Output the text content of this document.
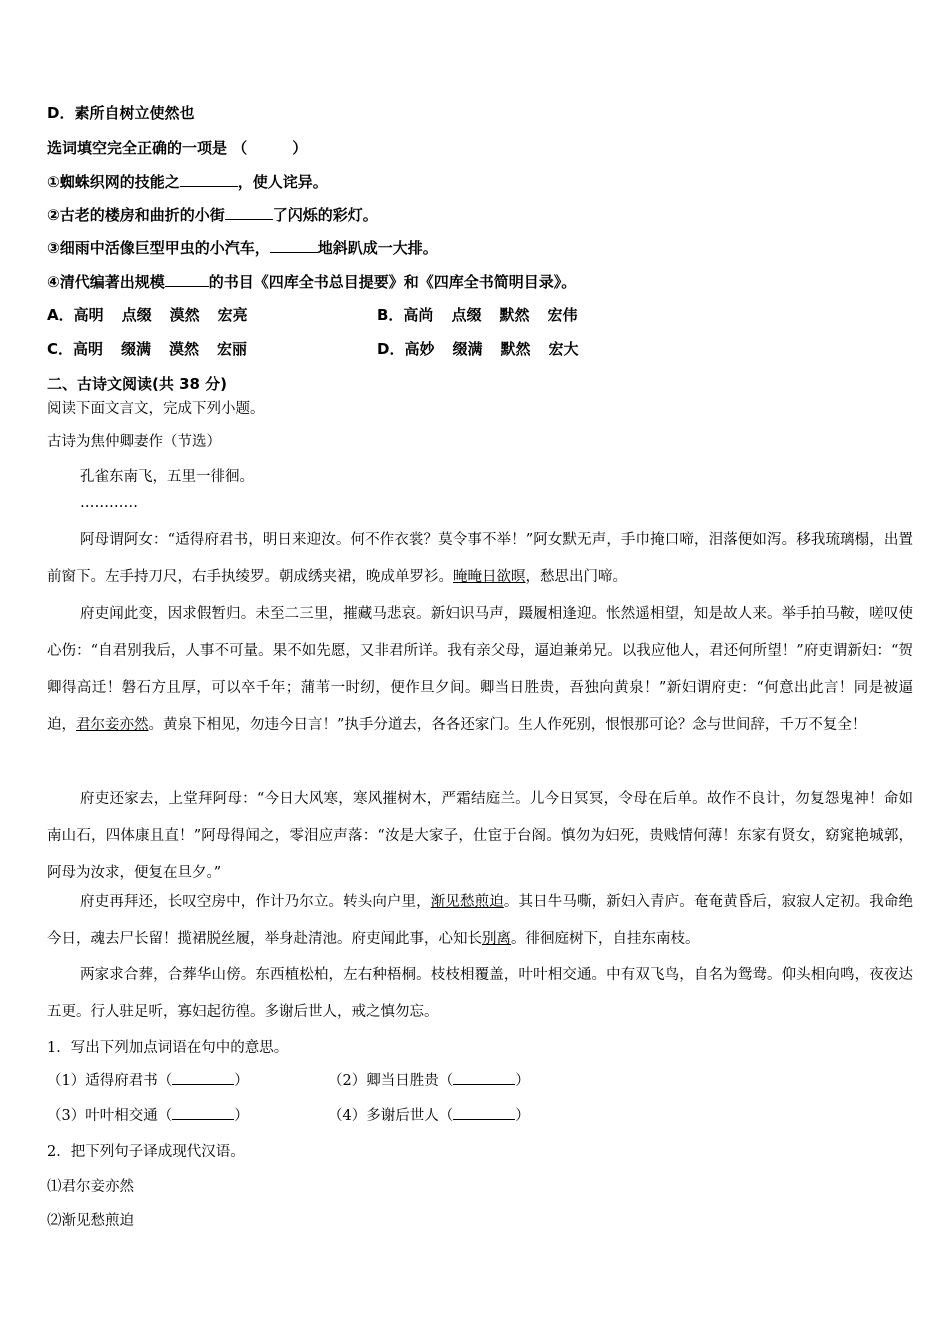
D．素所自树立使然也
选词填空完全正确的一项是 （　　　）
①蜘蛛织网的技能之	，使人诧异。
②古老的楼房和曲折的小街	了闪烁的彩灯。
③细雨中活像巨型甲虫的小汽车，	地斜趴成一大排。
④清代编著出规模	的书目《四库全书总目提要》和《四库全书简明目录》。
A．高明 点缀 漠然 宏亮	B．高尚 点缀 默然 宏伟
C．高明 缀满 漠然 宏丽	D．高妙 缀满 默然 宏大
二、古诗文阅读(共 38 分)
阅读下面文言文，完成下列小题。
古诗为焦仲卿妻作（节选）
孔雀东南飞，五里一徘徊。
…………
阿母谓阿女：“适得府君书，明日来迎汝。何不作衣裳？莫令事不举！”阿女默无声，手巾掩口啼，泪落便如泻。移我琉璃榻，出置前窗下。左手持刀尺，右手执绫罗。朝成绣夹裙，晚成单罗衫。晻晻日欲暝，愁思出门啼。
府吏闻此变，因求假暂归。未至二三里，摧藏马悲哀。新妇识马声，蹑履相逢迎。怅然遥相望，知是故人来。举手拍马鞍，嗟叹使心伤：“自君别我后，人事不可量。果不如先愿，又非君所详。我有亲父母，逼迫兼弟兄。以我应他人，君还何所望！”府吏谓新妇：“贺卿得高迁！磐石方且厚，可以卒千年；蒲苇一时纫，便作旦夕间。卿当日胜贵，吾独向黄泉！”新妇谓府吏：“何意出此言！同是被逼迫，君尔妾亦然。黄泉下相见，勿违今日言！”执手分道去，各各还家门。生人作死别，恨恨那可论？念与世间辞，千万不复全！
府吏还家去，上堂拜阿母：“今日大风寒，寒风摧树木，严霜结庭兰。儿今日冥冥，令母在后单。故作不良计，勿复怨鬼神！命如南山石，四体康且直！”阿母得闻之，零泪应声落：“汝是大家子，仕宦于台阁。慎勿为妇死，贵贱情何薄！东家有贤女，窈窕艳城郭，阿母为汝求，便复在旦夕。”
府吏再拜还，长叹空房中，作计乃尔立。转头向户里，渐见愁煎迫。其日牛马嘶，新妇入青庐。奄奄黄昏后，寂寂人定初。我命绝今日，魂去尸长留！揽裙脱丝履，举身赴清池。府吏闻此事，心知长别离。徘徊庭树下，自挂东南枝。
两家求合葬，合葬华山傍。东西植松柏，左右种梧桐。枝枝相覆盖，叶叶相交通。中有双飞鸟，自名为鸳鸯。仰头相向鸣，夜夜达五更。行人驻足听，寡妇起彷徨。多谢后世人，戒之慎勿忘。
1．写出下列加点词语在句中的意思。
（1）适得府君书（	）	（2）卿当日胜贵（	）
（3）叶叶相交通（	）	（4）多谢后世人（	）
2．把下列句子译成现代汉语。
⑴君尔妾亦然
⑵渐见愁煎迫
